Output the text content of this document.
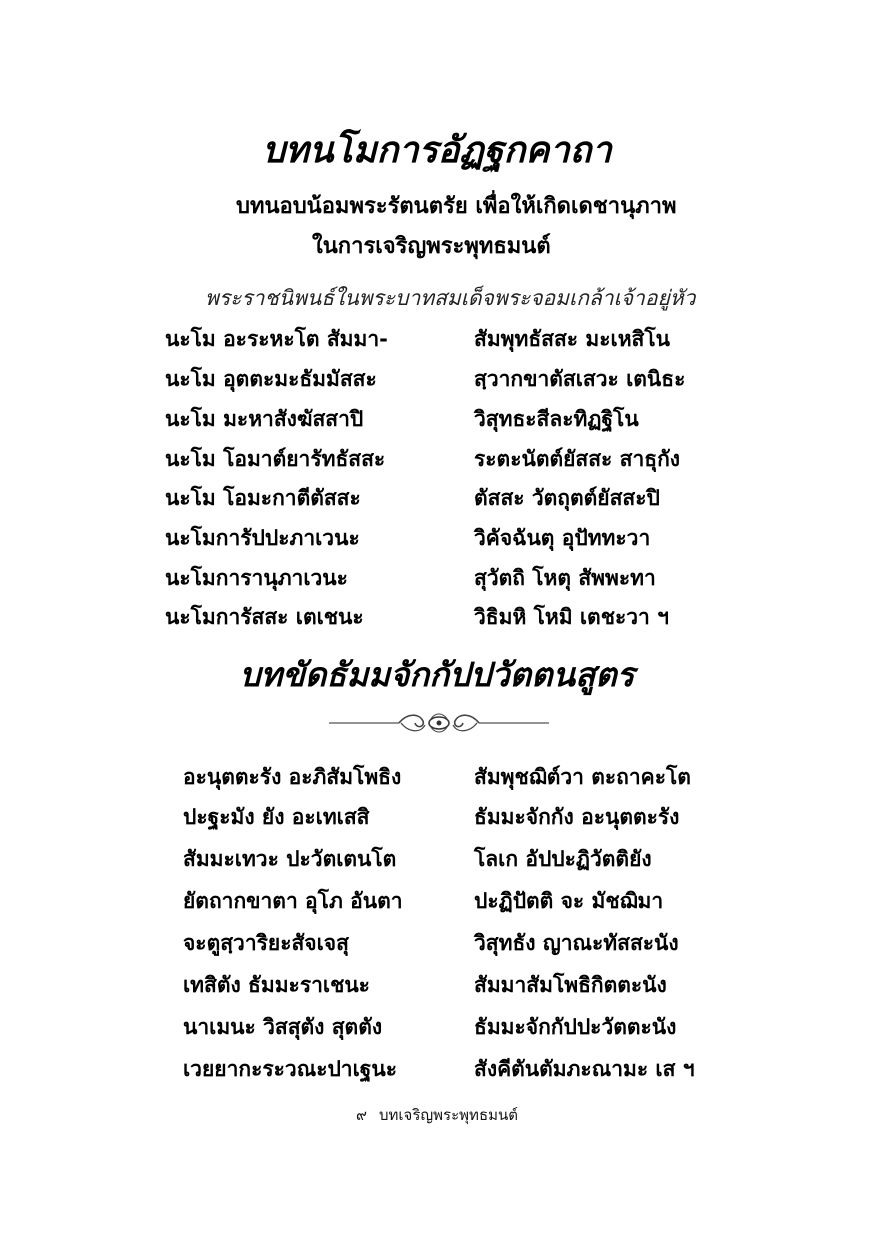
บทนโมการอัฏฐกคาถา
บทนอบน้อมพระรัตนตรัย เพื่อให้เกิดเดชานุภาพ
ในการเจริญพระพุทธมนต์
พระราชนิพนธ์ในพระบาทสมเด็จพระจอมเกล้าเจ้าอยู่หัว
นะโม อะระหะโต สัมมา-	สัมพุทธัสสะ มะเหสิโน
นะโม อุตตะมะธัมมัสสะ	สฺวากขาตัสเสวะ เตนิธะ
นะโม มะหาสังฆัสสาปิ	วิสุทธะสีละทิฏฐิโน
นะโม โอมาต์ยารัทธัสสะ	ระตะนัตต์ยัสสะ สาธุกัง
นะโม โอมะกาตีตัสสะ	ตัสสะ วัตถุตต์ยัสสะปิ
นะโมการัปปะภาเวนะ	วิคัจฉันตุ อุปัททะวา
นะโมการานุภาเวนะ	สุวัตถิ โหตุ สัพพะทา
นะโมการัสสะ เตเชนะ	วิธิมหิ โหมิ เตชะวา ฯ
บทขัดธัมมจักกัปปวัตตนสูตร
อะนุตตะรัง อะภิสัมโพธิง	สัมพุชฌิต์วา ตะถาคะโต
ปะฐะมัง ยัง อะเทเสสิ	ธัมมะจักกัง อะนุตตะรัง
สัมมะเทวะ ปะวัตเตนโต	โลเก อัปปะฏิวัตติยัง
ยัตถากขาตา อุโภ อันตา	ปะฏิปัตติ จะ มัชฌิมา
จะตูสฺวาริยะสัจเจสุ	วิสุทธัง ญาณะทัสสะนัง
เทสิตัง ธัมมะราเชนะ	สัมมาสัมโพธิกิตตะนัง
นาเมนะ วิสสุตัง สุตตัง	ธัมมะจักกัปปะวัตตะนัง
เวยยากะระวณะปาเฐนะ	สังคีตันตัมภะณามะ เส ฯ
๙ บทเจริญพระพุทธมนต์
